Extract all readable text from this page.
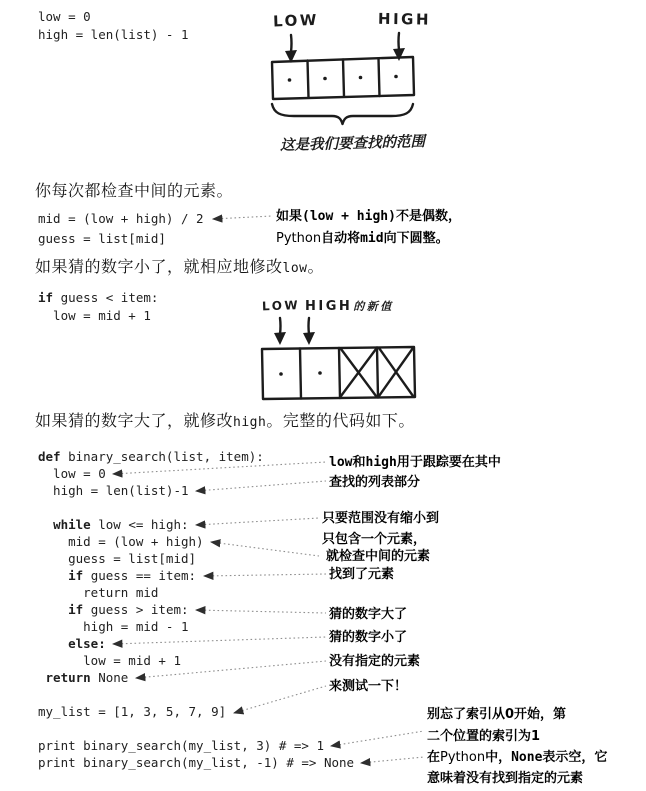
low = 0
high = len(list) - 1
LOW	HIGH
这是我们要查找的范围
你每次都检查中间的元素。
mid = (low + high) / 2
guess = list[mid]
如果(low + high)不是偶数，
Python自动将mid向下圆整。
如果猜的数字小了，就相应地修改low。
if guess < item:
low = mid + 1
LOW HIGH的新值
如果猜的数字大了，就修改high。完整的代码如下。
def binary_search(list, item):
low = 0
high = len(list)-1

while low <= high:
mid = (low + high)
guess = list[mid]
if guess == item:
return mid
if guess > item:
high = mid - 1
else:
low = mid + 1
return None

my_list = [1, 3, 5, 7, 9]

print binary_search(my_list, 3) # => 1
print binary_search(my_list, -1) # => None
low和high用于跟踪要在其中
查找的列表部分
只要范围没有缩小到
只包含一个元素，
就检查中间的元素
找到了元素
猜的数字大了
猜的数字小了
没有指定的元素
来测试一下！
别忘了索引从0开始，第
二个位置的索引为1
在Python中，None表示空，它
意味着没有找到指定的元素
